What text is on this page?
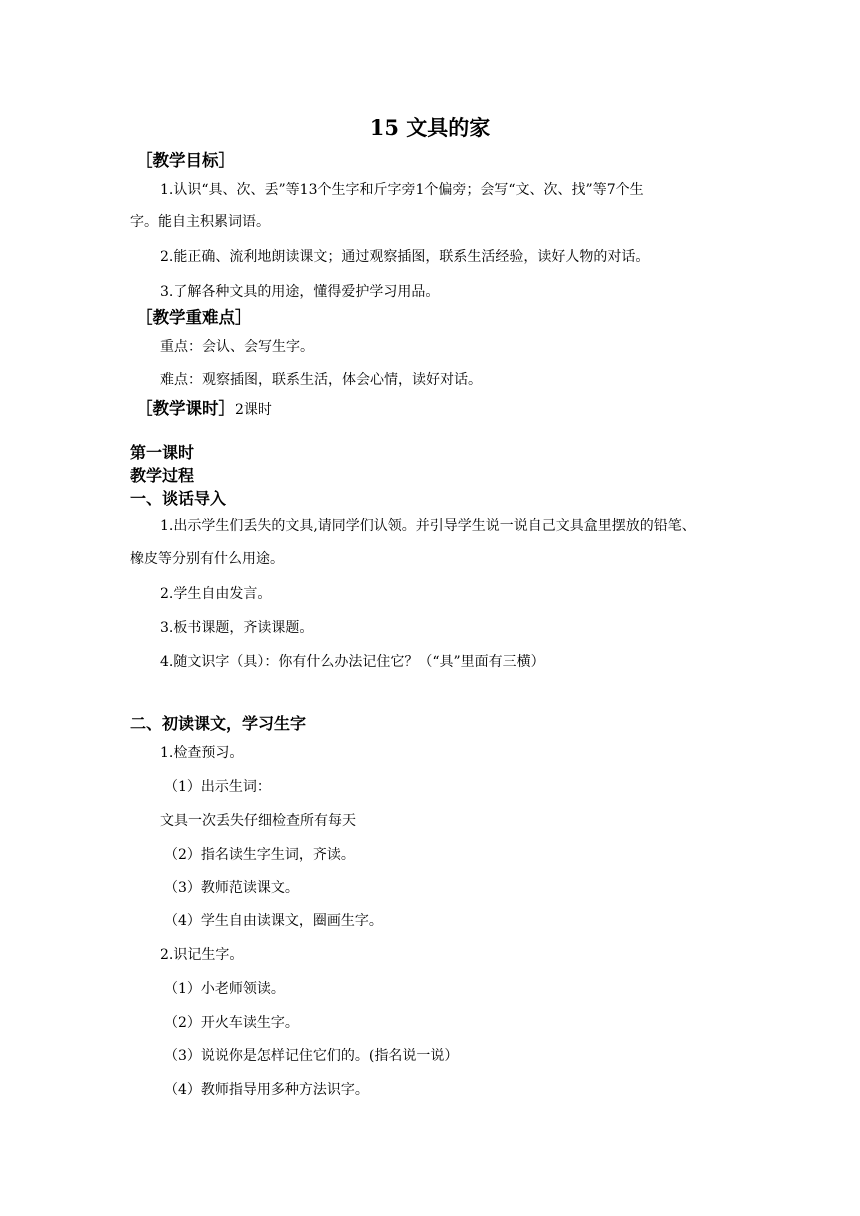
15 文具的家
［教学目标］
1.认识“具、次、丢”等13个生字和斤字旁1个偏旁；会写“文、次、找”等7个生
字。能自主积累词语。
2.能正确、流利地朗读课文；通过观察插图，联系生活经验，读好人物的对话。
3.了解各种文具的用途，懂得爱护学习用品。
［教学重难点］
重点：会认、会写生字。
难点：观察插图，联系生活，体会心情，读好对话。
［教学课时］2课时
第一课时
教学过程
一、谈话导入
1.出示学生们丢失的文具,请同学们认领。并引导学生说一说自己文具盒里摆放的铅笔、
橡皮等分别有什么用途。
2.学生自由发言。
3.板书课题，齐读课题。
4.随文识字（具）：你有什么办法记住它？（“具”里面有三横）
二、初读课文，学习生字
1.检查预习。
（1）出示生词：
文具一次丢失仔细检查所有每天
（2）指名读生字生词，齐读。
（3）教师范读课文。
（4）学生自由读课文，圈画生字。
2.识记生字。
（1）小老师领读。
（2）开火车读生字。
（3）说说你是怎样记住它们的。(指名说一说）
（4）教师指导用多种方法识字。
